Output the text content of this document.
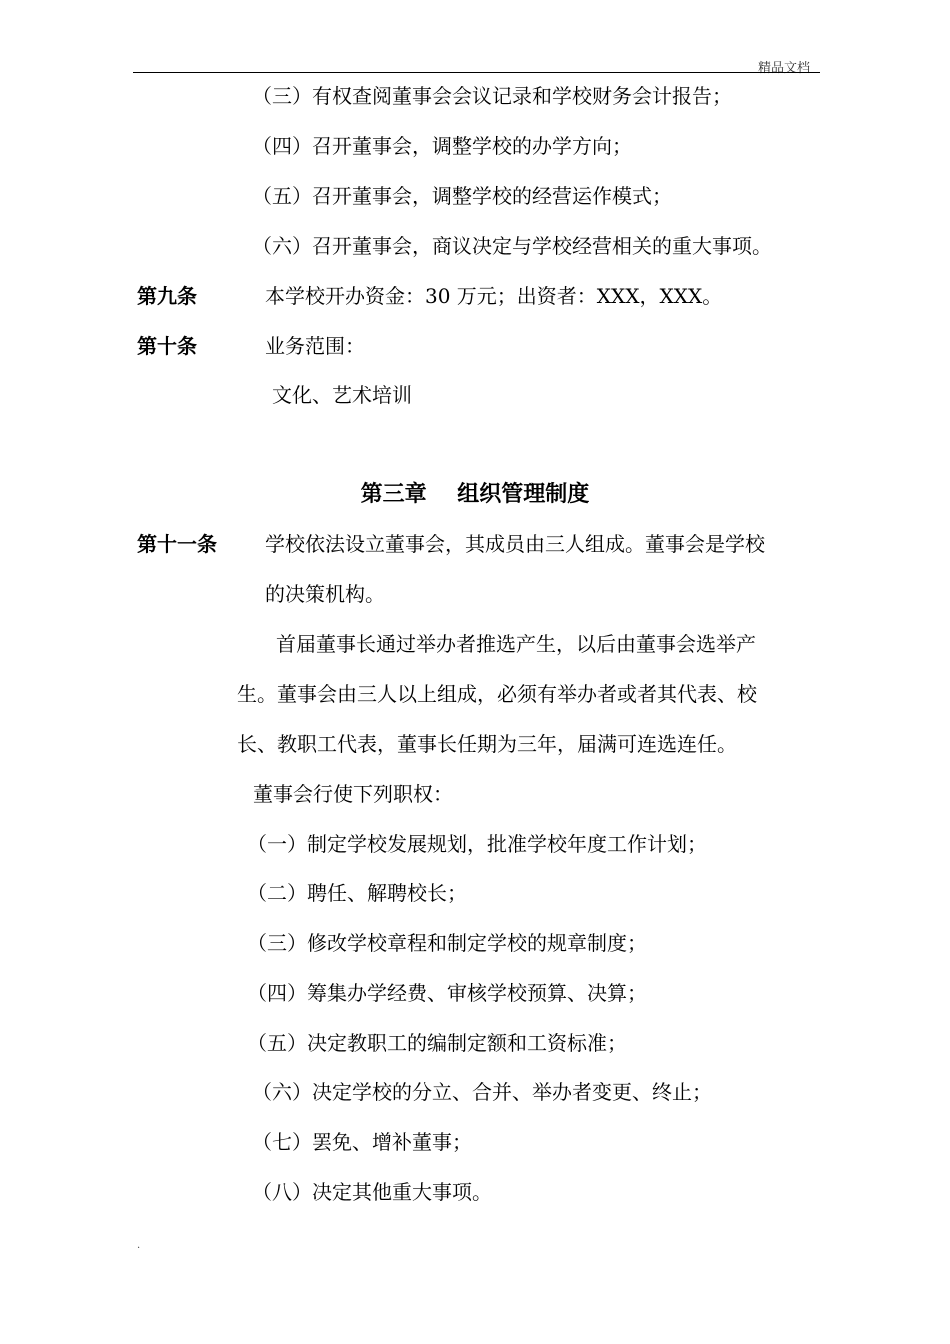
精品文档
（三）有权查阅董事会会议记录和学校财务会计报告；
（四）召开董事会，调整学校的办学方向；
（五）召开董事会，调整学校的经营运作模式；
（六）召开董事会，商议决定与学校经营相关的重大事项。
第九条	本学校开办资金：30 万元；出资者：XXX，XXX。
第十条	业务范围：
文化、艺术培训
第三章    组织管理制度
第十一条 学校依法设立董事会，其成员由三人组成。董事会是学校
的决策机构。
首届董事长通过举办者推选产生，以后由董事会选举产
生。董事会由三人以上组成，必须有举办者或者其代表、校
长、教职工代表，董事长任期为三年，届满可连选连任。
董事会行使下列职权：
（一）制定学校发展规划，批准学校年度工作计划；
（二）聘任、解聘校长；
（三）修改学校章程和制定学校的规章制度；
（四）筹集办学经费、审核学校预算、决算；
（五）决定教职工的编制定额和工资标准；
（六）决定学校的分立、合并、举办者变更、终止；
（七）罢免、增补董事；
（八）决定其他重大事项。
.
